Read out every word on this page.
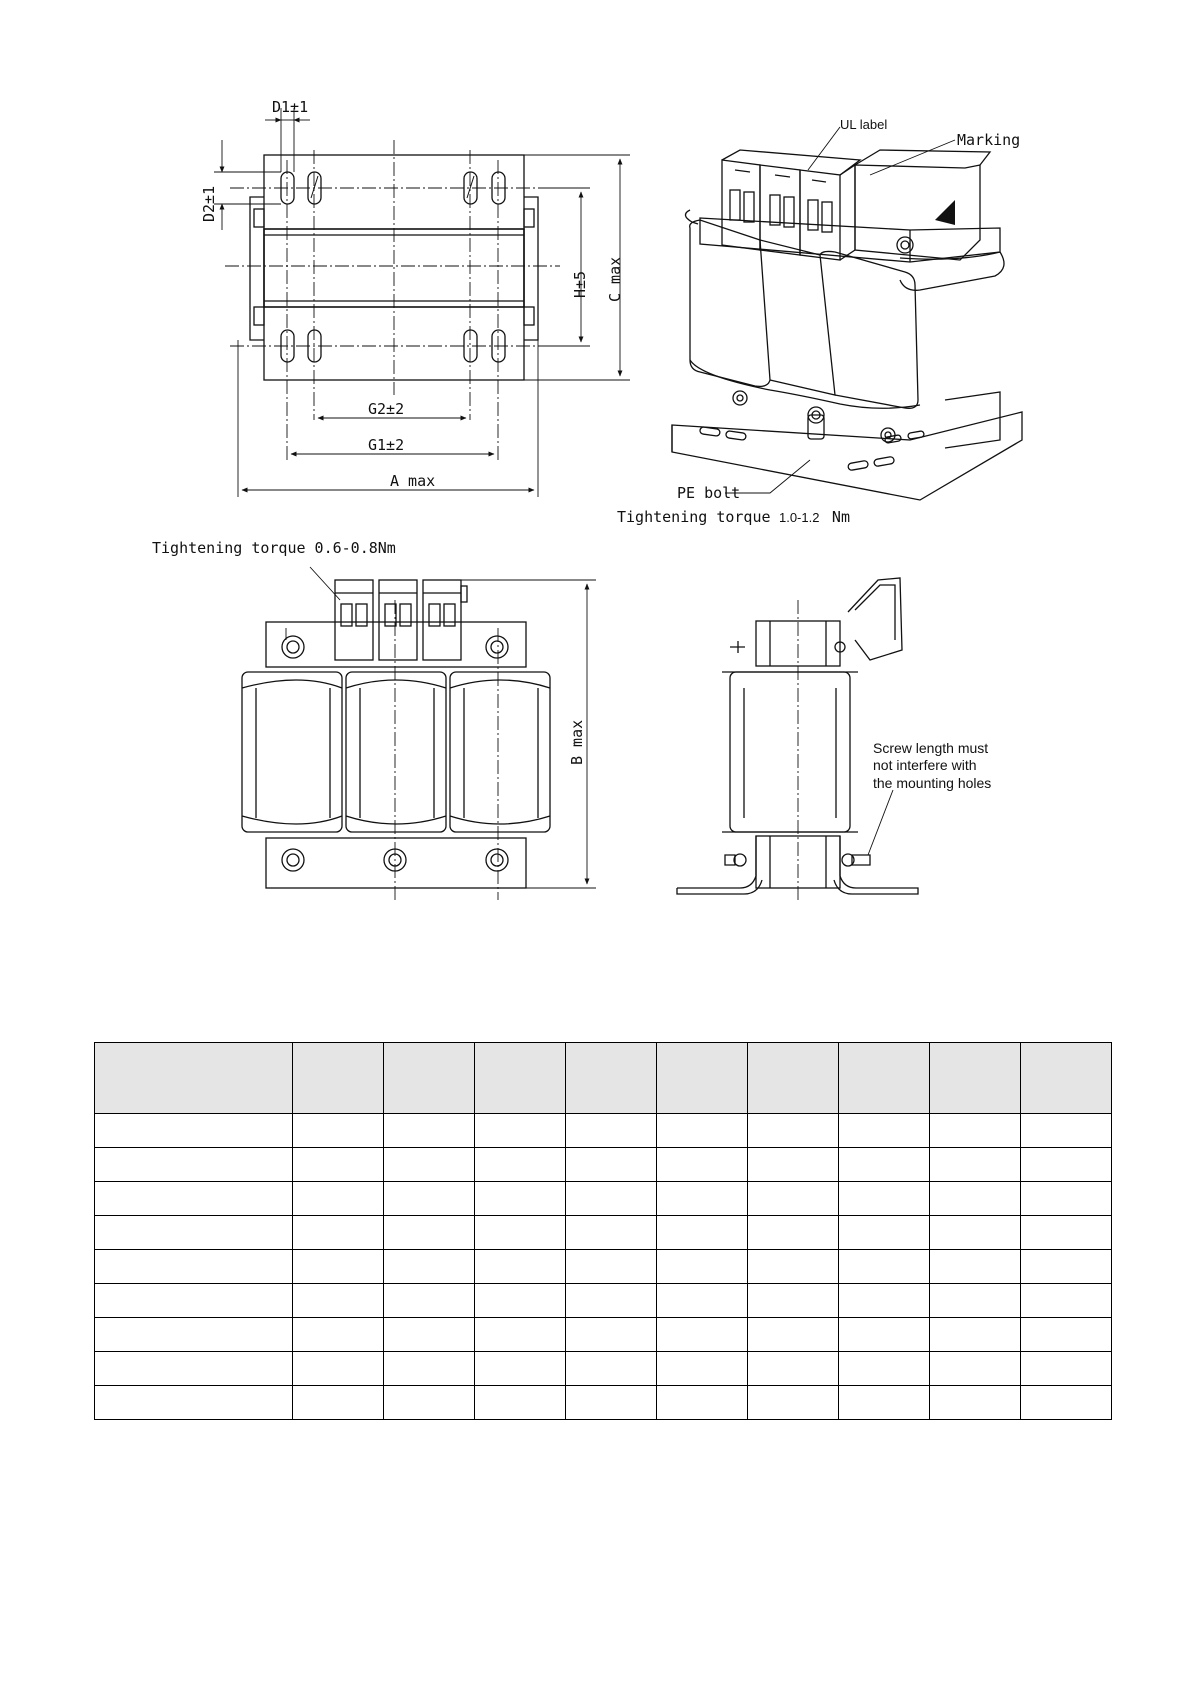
D1±1
D2±1
H±5 C max
G2±2
G1±2
A max
UL label
Marking
PE bolt
Tightening torque 1.0-1.2 Nm
Tightening torque 0.6-0.8Nm
B max	Screw length must
not interfere with
the mounting holes
